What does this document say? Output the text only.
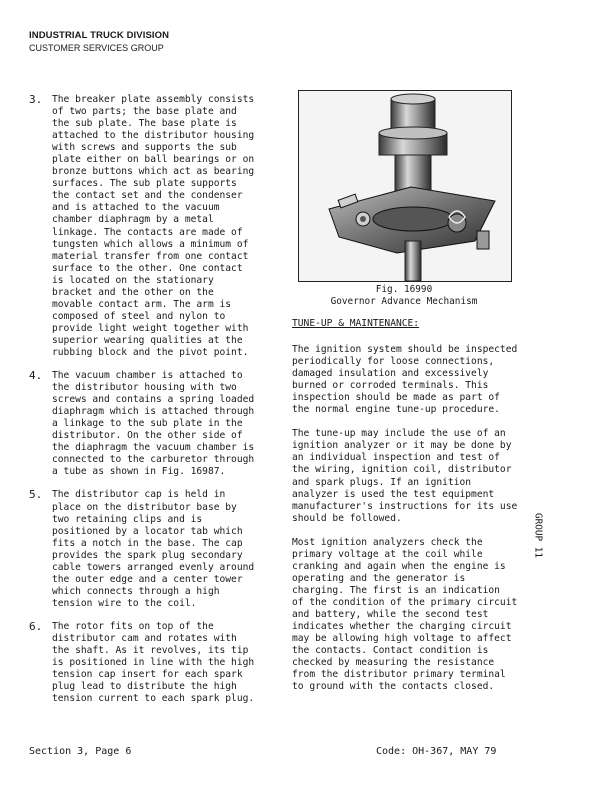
INDUSTRIAL TRUCK DIVISION
CUSTOMER SERVICES GROUP
3.	The breaker plate assembly consists
of two parts; the base plate and
the sub plate. The base plate is
attached to the distributor housing
with screws and supports the sub
plate either on ball bearings or on
bronze buttons which act as bearing
surfaces. The sub plate supports
the contact set and the condenser
and is attached to the vacuum
chamber diaphragm by a metal
linkage. The contacts are made of
tungsten which allows a minimum of
material transfer from one contact
surface to the other. One contact
is located on the stationary
bracket and the other on the
movable contact arm. The arm is
composed of steel and nylon to
provide light weight together with
superior wearing qualities at the
rubbing block and the pivot point.
4.	The vacuum chamber is attached to
the distributor housing with two
screws and contains a spring loaded
diaphragm which is attached through
a linkage to the sub plate in the
distributor. On the other side of
the diaphragm the vacuum chamber is
connected to the carburetor through
a tube as shown in Fig. 16987.
5.	The distributor cap is held in
place on the distributor base by
two retaining clips and is
positioned by a locator tab which
fits a notch in the base. The cap
provides the spark plug secondary
cable towers arranged evenly around
the outer edge and a center tower
which connects through a high
tension wire to the coil.
6.	The rotor fits on top of the
distributor cam and rotates with
the shaft. As it revolves, its tip
is positioned in line with the high
tension cap insert for each spark
plug lead to distribute the high
tension current to each spark plug.
Fig. 16990
Governor Advance Mechanism
TUNE-UP & MAINTENANCE:

The ignition system should be inspected
periodically for loose connections,
damaged insulation and excessively
burned or corroded terminals. This
inspection should be made as part of
the normal engine tune-up procedure.

The tune-up may include the use of an
ignition analyzer or it may be done by
an individual inspection and test of
the wiring, ignition coil, distributor
and spark plugs. If an ignition
analyzer is used the test equipment
manufacturer's instructions for its use
should be followed.

Most ignition analyzers check the
primary voltage at the coil while
cranking and again when the engine is
operating and the generator is
charging. The first is an indication
of the condition of the primary circuit
and battery, while the second test
indicates whether the charging circuit
may be allowing high voltage to affect
the contacts. Contact condition is
checked by measuring the resistance
from the distributor primary terminal
to ground with the contacts closed.

GROUP 11
Section 3, Page 6	Code: OH-367, MAY 79
